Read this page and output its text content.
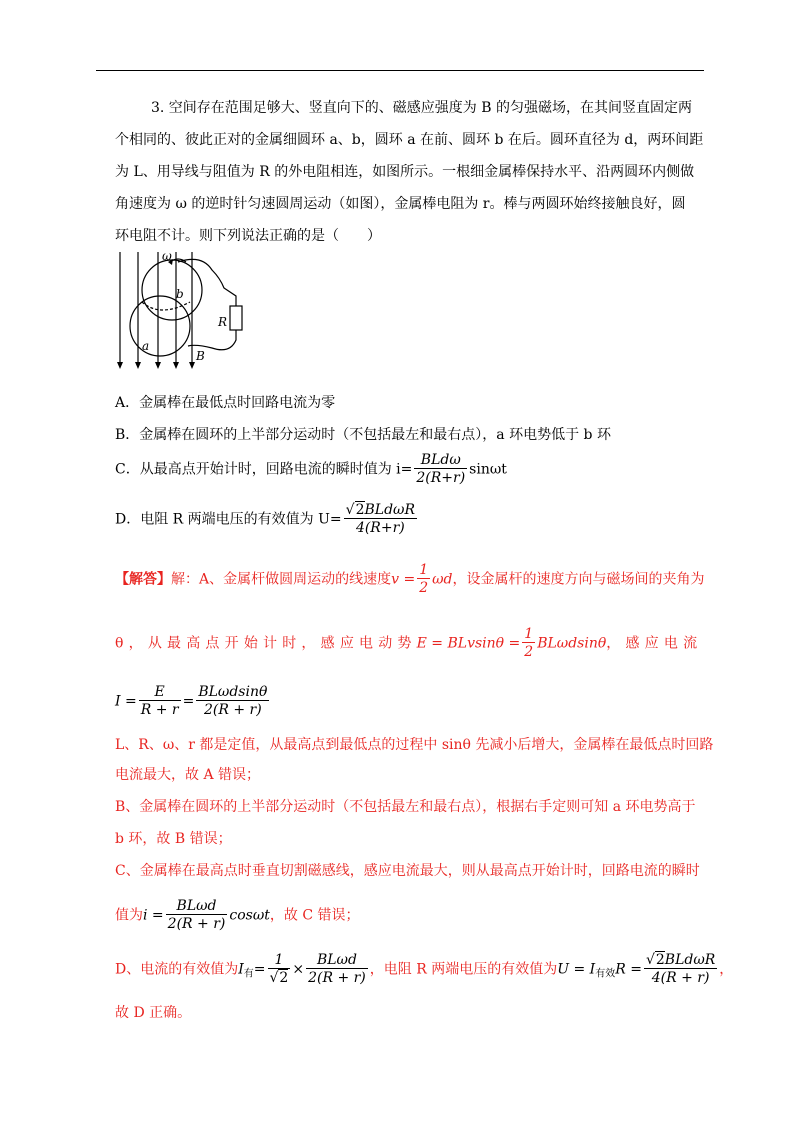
3. 空间存在范围足够大、竖直向下的、磁感应强度为 B 的匀强磁场，在其间竖直固定两
个相同的、彼此正对的金属细圆环 a、b，圆环 a 在前、圆环 b 在后。圆环直径为 d，两环间距
为 L、用导线与阻值为 R 的外电阻相连，如图所示。一根细金属棒保持水平、沿两圆环内侧做
角速度为 ω 的逆时针匀速圆周运动（如图），金属棒电阻为 r。棒与两圆环始终接触良好，圆
环电阻不计。则下列说法正确的是（　　）
ω
b
a
B
R
A．金属棒在最低点时回路电流为零
B．金属棒在圆环的上半部分运动时（不包括最左和最右点），a 环电势低于 b 环
C．从最高点开始计时，回路电流的瞬时值为 $i= \frac{\text{BLdω}}{2(R+r)}$ sinωt
D．电阻 R 两端电压的有效值为 $U= \frac{\text{√2BLdωR}}{4(R+r)}$
【解答】解：A、金属杆做圆周运动的线速度$v = \frac{1}{2}$ ωd，设金属杆的速度方向与磁场间的夹角为
θ，从最高点开始计时，感应电动势$E = BLvsin\theta = \frac{1}{2}$ BLωdsinθ，感应电流
$I = \frac{E}{R + r} = \frac{\text{BLωdsinθ}}{2(R + r)}$
L、R、ω、r 都是定值，从最高点到最低点的过程中 sinθ 先减小后增大，金属棒在最低点时回路
电流最大，故 A 错误；
B、金属棒在圆环的上半部分运动时（不包括最左和最右点），根据右手定则可知 a 环电势高于
b 环，故 B 错误；
C、金属棒在最高点时垂直切割磁感线，感应电流最大，则从最高点开始计时，回路电流的瞬时
值为$i = \frac{\text{BLωd}}{2(R + r)}$ cosωt，故 C 错误；
D、电流的有效值为$I_有= \frac{1}{√2} \times \frac{\text{BLωd}}{2(R + r)}$ ，电阻 R 两端电压的有效值为$U = I_{有效}R = \frac{\text{√2BLdωR}}{4(R + r)}$ ，
故 D 正确。
